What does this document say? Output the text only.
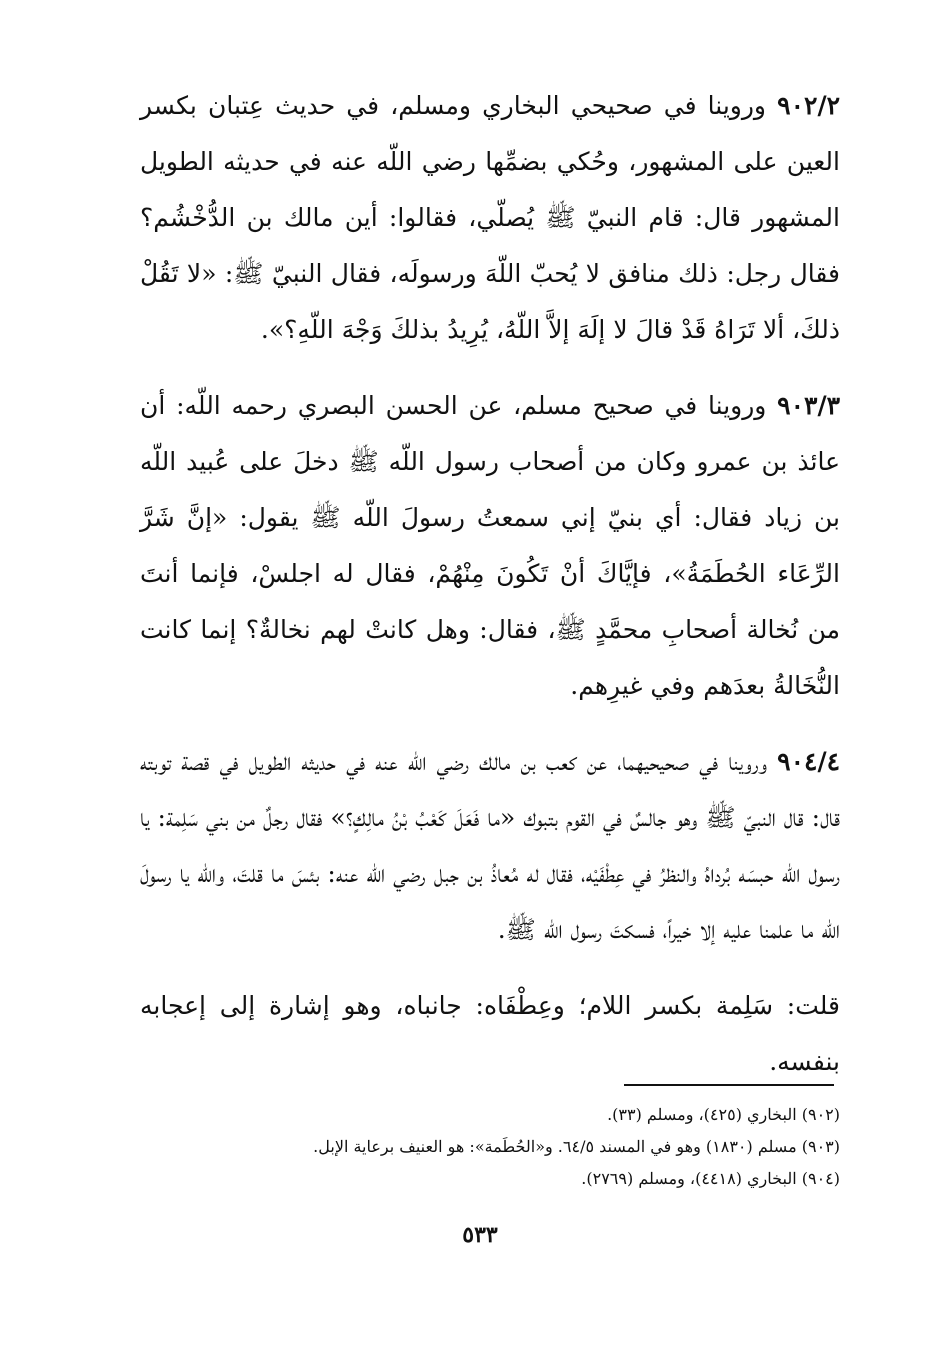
٩٠٢/٢ وروينا في صحيحي البخاري ومسلم، في حديث عِتبان بكسر العين على المشهور، وحُكي بضمِّها رضي اللّه عنه في حديثه الطويل المشهور قال: قام النبيّ ﷺ يُصلّي، فقالوا: أين مالك بن الدُّخْشُم؟ فقال رجل: ذلك منافق لا يُحبّ اللّهَ ورسولَه، فقال النبيّ ﷺ: «لا تَقُلْ ذلكَ، ألا تَرَاهُ قَدْ قالَ لا إلَهَ إلاَّ اللّهُ، يُرِيدُ بذلكَ وَجْهَ اللّهِ؟».

٩٠٣/٣ وروينا في صحيح مسلم، عن الحسن البصري رحمه اللّه: أن عائذ بن عمرو وكان من أصحاب رسول اللّه ﷺ دخلَ على عُبيد اللّه بن زياد فقال: أي بنيّ إني سمعتُ رسولَ اللّه ﷺ يقول: «إنَّ شَرَّ الرِّعَاء الحُطَمَةُ»، فإيَّاكَ أنْ تَكُونَ مِنْهُمْ، فقال له اجلسْ، فإنما أنتَ من نُخالة أصحابِ محمَّدٍ ﷺ، فقال: وهل كانتْ لهم نخالةٌ؟ إنما كانت النُّخَالةُ بعدَهم وفي غيرِهم.

٩٠٤/٤ وروينا في صحيحيهما، عن كعب بن مالك رضي اللّه عنه في حديثه الطويل في قصة توبته قال: قال النبيّ ﷺ وهو جالسٌ في القوم بتبوك «ما فَعَلَ كَعْبُ بْنُ مالِكٍ؟» فقال رجلٌ من بني سَلِمة: يا رسول اللّه حبسَه بُرداهُ والنظرُ في عِطْفَيْه، فقال له مُعاذُ بن جبل رضي اللّه عنه: بئسَ ما قلتَ، واللّه يا رسولَ اللّه ما علمنا عليه إلا خيراً، فسكتَ رسول اللّه ﷺ.

قلت: سَلِمة بكسر اللام؛ وعِطْفَاه: جانباه، وهو إشارة إلى إعجابه بنفسه.

(٩٠٢) البخاري (٤٢٥)، ومسلم (٣٣).
(٩٠٣) مسلم (١٨٣٠) وهو في المسند ٦٤/٥. و«الحُطَمة»: هو العنيف برعاية الإبل.
(٩٠٤) البخاري (٤٤١٨)، ومسلم (٢٧٦٩).
٥٣٣
